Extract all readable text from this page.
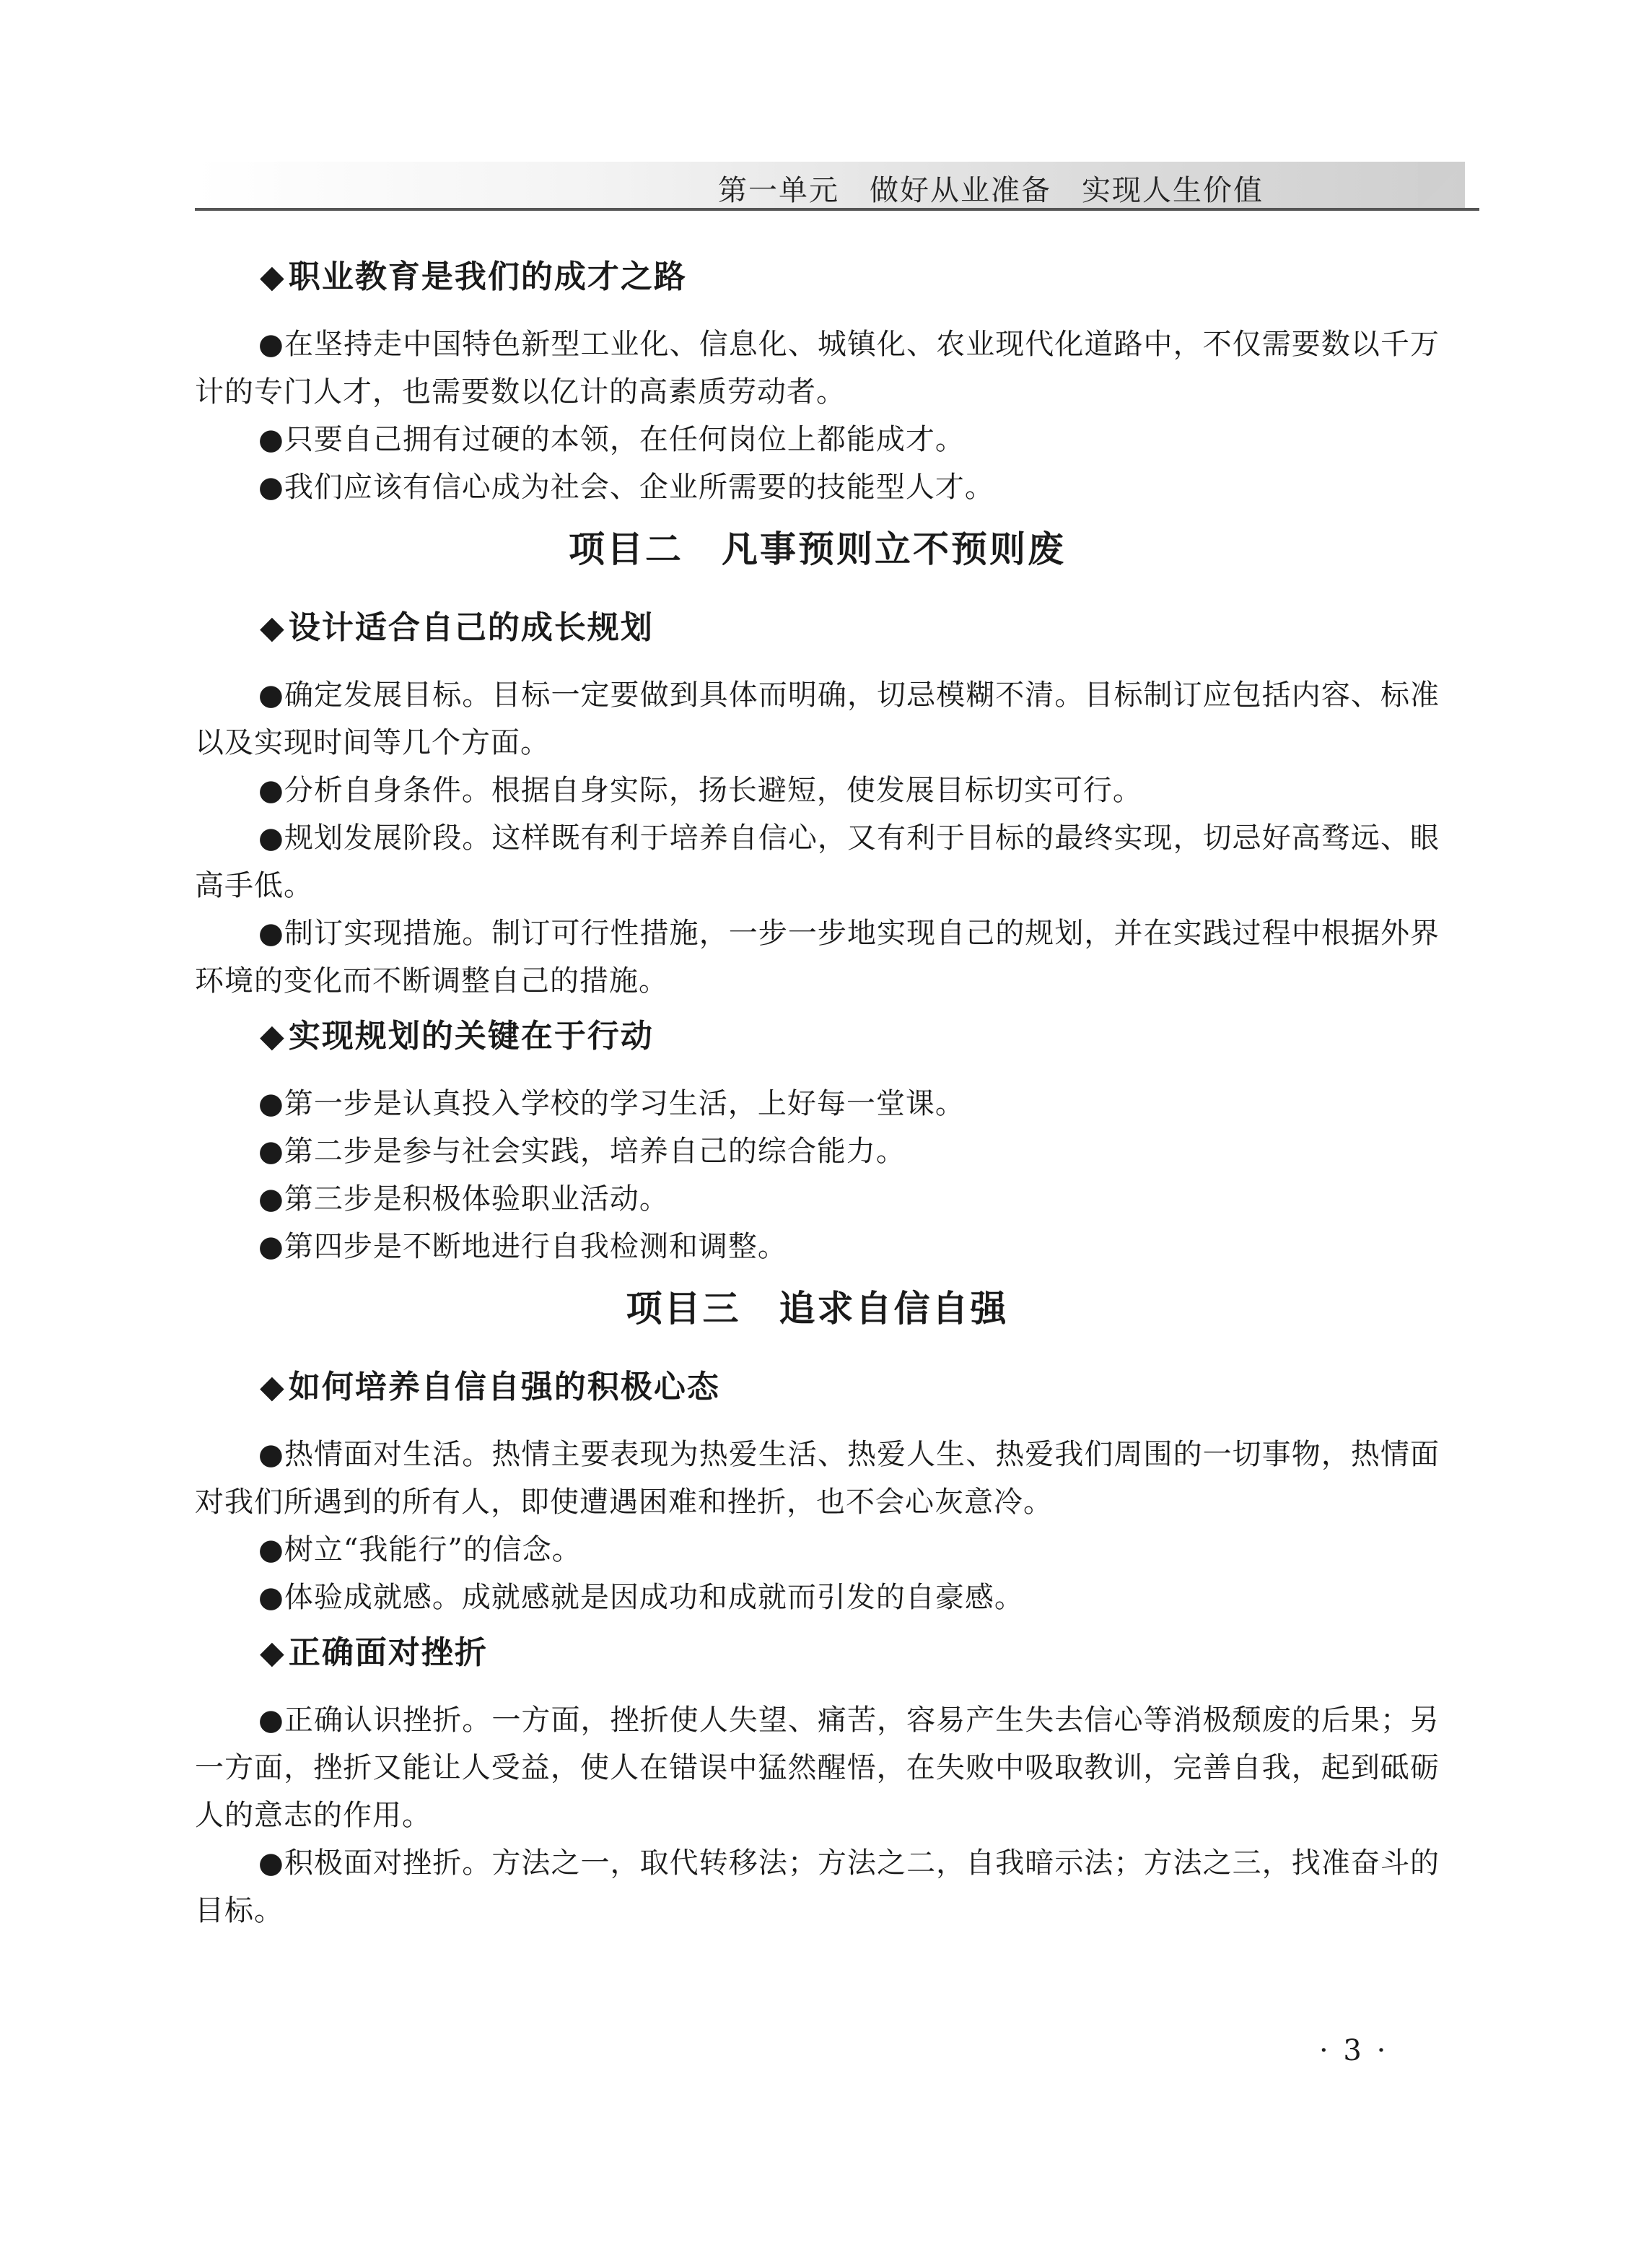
第一单元　做好从业准备　实现人生价值
◆职业教育是我们的成才之路

●在坚持走中国特色新型工业化、信息化、城镇化、农业现代化道路中，不仅需要数以千万计的专门人才，也需要数以亿计的高素质劳动者。

●只要自己拥有过硬的本领，在任何岗位上都能成才。

●我们应该有信心成为社会、企业所需要的技能型人才。

项目二　凡事预则立不预则废
◆设计适合自己的成长规划

●确定发展目标。目标一定要做到具体而明确，切忌模糊不清。目标制订应包括内容、标准以及实现时间等几个方面。

●分析自身条件。根据自身实际，扬长避短，使发展目标切实可行。

●规划发展阶段。这样既有利于培养自信心，又有利于目标的最终实现，切忌好高骛远、眼高手低。

●制订实现措施。制订可行性措施，一步一步地实现自己的规划，并在实践过程中根据外界环境的变化而不断调整自己的措施。

◆实现规划的关键在于行动

●第一步是认真投入学校的学习生活，上好每一堂课。

●第二步是参与社会实践，培养自己的综合能力。

●第三步是积极体验职业活动。

●第四步是不断地进行自我检测和调整。

项目三　追求自信自强
◆如何培养自信自强的积极心态

●热情面对生活。热情主要表现为热爱生活、热爱人生、热爱我们周围的一切事物，热情面对我们所遇到的所有人，即使遭遇困难和挫折，也不会心灰意冷。

●树立“我能行”的信念。

●体验成就感。成就感就是因成功和成就而引发的自豪感。

◆正确面对挫折

●正确认识挫折。一方面，挫折使人失望、痛苦，容易产生失去信心等消极颓废的后果；另一方面，挫折又能让人受益，使人在错误中猛然醒悟，在失败中吸取教训，完善自我，起到砥砺人的意志的作用。

●积极面对挫折。方法之一，取代转移法；方法之二，自我暗示法；方法之三，找准奋斗的目标。

· 3 ·
